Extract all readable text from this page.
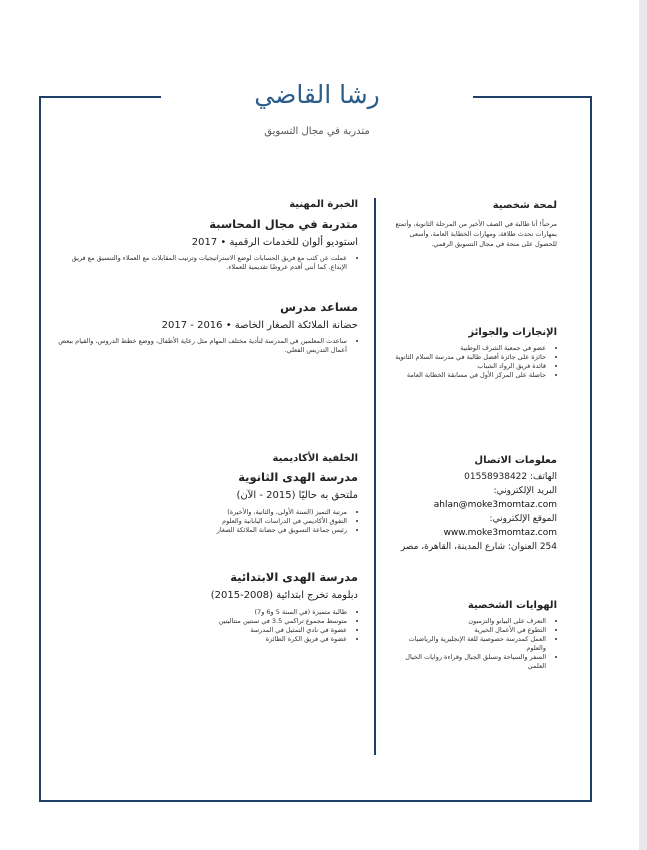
رشا القاضي
متدربة في مجال التسويق

لمحة شخصية

مرحباً! أنا طالبة في الصف الأخير من المرحلة الثانوية، وأتمتع بمهارات تحدث طلاقة، ومهارات الخطابة العامة، وأسعى للحصول على منحة في مجال التسويق الرقمي.

الإنجازات والجوائز

• عضو في جمعية الشرف الوطنية
• حائزة على جائزة أفضل طالبة في مدرسة السلام الثانوية
• قائدة فريق الرواد الشباب
• حاصلة على المركز الأول في مسابقة الخطابة العامة

معلومات الاتصال

الهاتف: 01558938422

البريد الإلكتروني:

ahlan@moke3momtaz.com

الموقع الإلكتروني:

www.moke3momtaz.com

254 العنوان: شارع المدينة، القاهرة، مصر

الهوايات الشخصية

• التعرف على البيانو والتزمبون
• التطوع في الأعمال الخيرية
• العمل كمدرسة خصوصية للغة الإنجليزية والرياضيات والعلوم
• السفر والسياحة وتسلق الجبال وقراءة روايات الخيال العلمي

الخبرة المهنية

متدربة في مجال المحاسبة

استوديو ألوان للخدمات الرقمية • 2017

• عملت عن كثب مع فريق الحسابات لوضع الاستراتيجيات وترتيب المقابلات مع العملاء والتنسيق مع فريق الإبداع. كما أنني أقدم عروضًا تقديمية للعملاء.

مساعد مدرس

حضانة الملائكة الصغار الخاصة • 2016 - 2017

• ساعدت المعلمين في المدرسة لتأدية مختلف المهام مثل رعاية الأطفال، ووضع خطط الدروس، والقيام ببعض أعمال التدريس الفعلي.

الخلفية الأكاديمية

مدرسة الهدى الثانوية

ملتحق به حاليًا (2015 - الآن)

• مرتبة التميز (السنة الأولى، والثانية، والأخيرة)
• التفوق الأكاديمي في الدراسات اليابانية والعلوم
• رئيس جماعة التسويق في حضانة الملائكة الصغار

مدرسة الهدى الابتدائية

دبلومة تخرج ابتدائية (2008-2015)

• طالبة متميزة (في السنة 5 و6 و7)
• متوسط مجموع تراكمي 3.5 في سنتين متتاليتين
• عضوة في نادي التمثيل في المدرسة
• عضوة في فريق الكرة الطائرة
